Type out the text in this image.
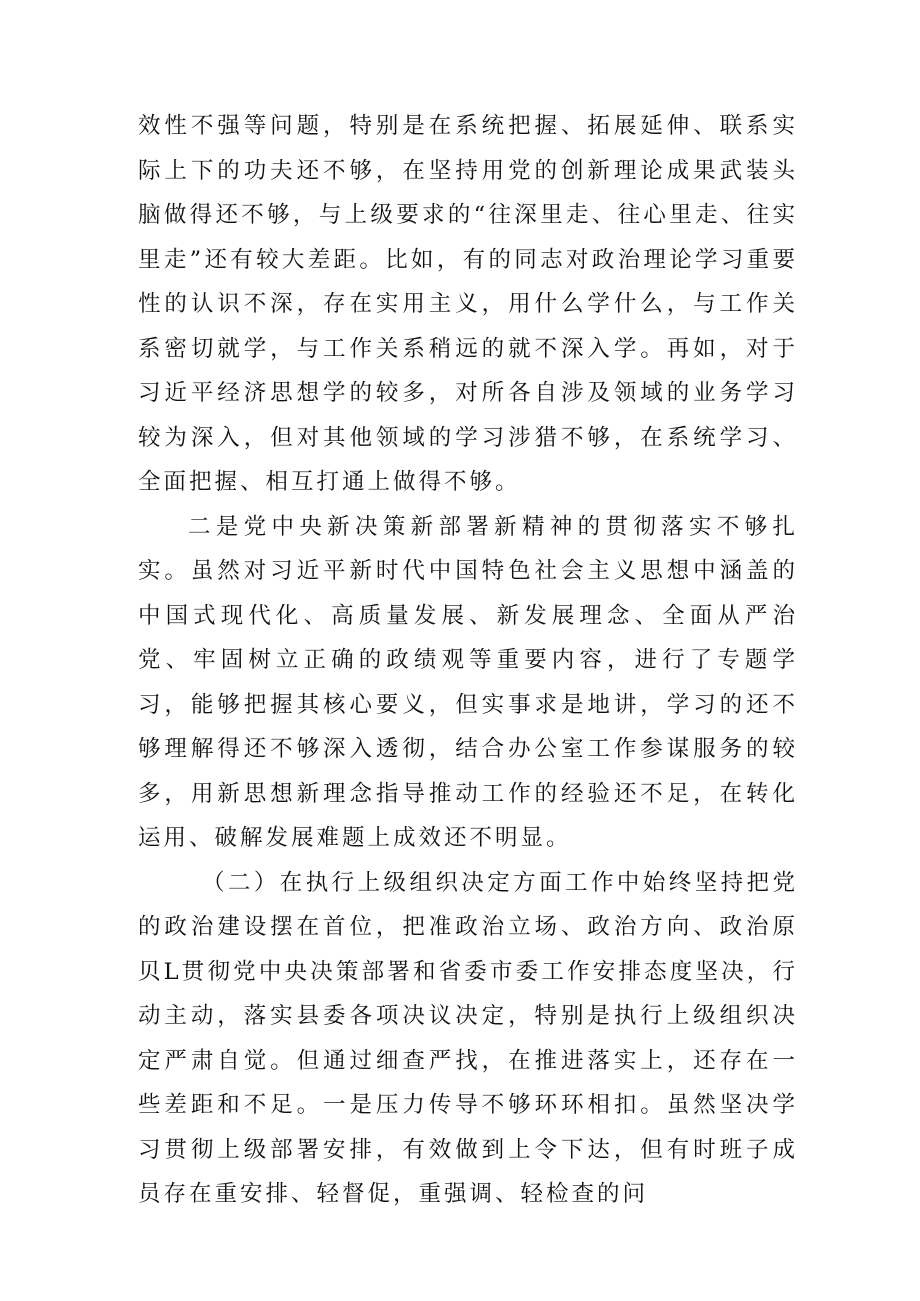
效性不强等问题，特别是在系统把握、拓展延伸、联系实际上下的功夫还不够，在坚持用党的创新理论成果武装头脑做得还不够，与上级要求的“往深里走、往心里走、往实里走”还有较大差距。比如，有的同志对政治理论学习重要性的认识不深，存在实用主义，用什么学什么，与工作关系密切就学，与工作关系稍远的就不深入学。再如，对于习近平经济思想学的较多，对所各自涉及领域的业务学习较为深入，但对其他领域的学习涉猎不够，在系统学习、全面把握、相互打通上做得不够。

二是党中央新决策新部署新精神的贯彻落实不够扎实。虽然对习近平新时代中国特色社会主义思想中涵盖的中国式现代化、高质量发展、新发展理念、全面从严治党、牢固树立正确的政绩观等重要内容，进行了专题学习，能够把握其核心要义，但实事求是地讲，学习的还不够理解得还不够深入透彻，结合办公室工作参谋服务的较多，用新思想新理念指导推动工作的经验还不足，在转化运用、破解发展难题上成效还不明显。

（二）在执行上级组织决定方面工作中始终坚持把党的政治建设摆在首位，把准政治立场、政治方向、政治原贝L贯彻党中央决策部署和省委市委工作安排态度坚决，行动主动，落实县委各项决议决定，特别是执行上级组织决定严肃自觉。但通过细查严找，在推进落实上，还存在一些差距和不足。一是压力传导不够环环相扣。虽然坚决学习贯彻上级部署安排，有效做到上令下达，但有时班子成员存在重安排、轻督促，重强调、轻检查的问
